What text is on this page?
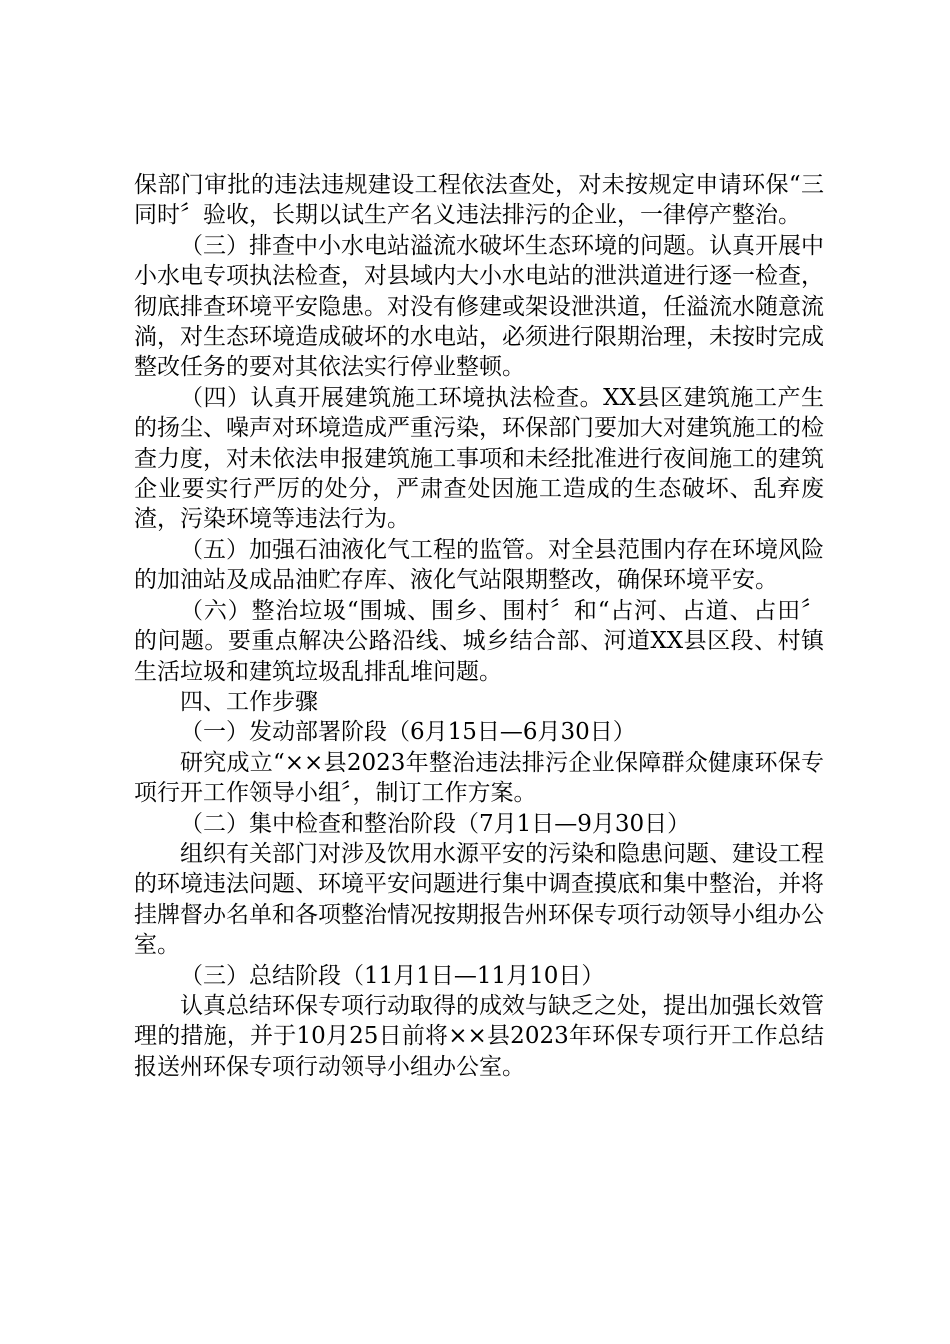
保部门审批的违法违规建设工程依法查处，对未按规定申请环保“三同时〞验收，长期以试生产名义违法排污的企业，一律停产整治。

（三）排查中小水电站溢流水破坏生态环境的问题。认真开展中小水电专项执法检查，对县域内大小水电站的泄洪道进行逐一检查，彻底排查环境平安隐患。对没有修建或架设泄洪道，任溢流水随意流淌，对生态环境造成破坏的水电站，必须进行限期治理，未按时完成整改任务的要对其依法实行停业整顿。

（四）认真开展建筑施工环境执法检查。XX县区建筑施工产生的扬尘、噪声对环境造成严重污染，环保部门要加大对建筑施工的检查力度，对未依法申报建筑施工事项和未经批准进行夜间施工的建筑企业要实行严厉的处分，严肃查处因施工造成的生态破坏、乱弃废渣，污染环境等违法行为。

（五）加强石油液化气工程的监管。对全县范围内存在环境风险的加油站及成品油贮存库、液化气站限期整改，确保环境平安。

（六）整治垃圾“围城、围乡、围村〞和“占河、占道、占田〞的问题。要重点解决公路沿线、城乡结合部、河道XX县区段、村镇生活垃圾和建筑垃圾乱排乱堆问题。

四、工作步骤

（一）发动部署阶段（6月15日—6月30日）

研究成立“××县2023年整治违法排污企业保障群众健康环保专项行开工作领导小组〞，制订工作方案。

（二）集中检查和整治阶段（7月1日—9月30日）

组织有关部门对涉及饮用水源平安的污染和隐患问题、建设工程的环境违法问题、环境平安问题进行集中调查摸底和集中整治，并将挂牌督办名单和各项整治情况按期报告州环保专项行动领导小组办公室。

（三）总结阶段（11月1日—11月10日）

认真总结环保专项行动取得的成效与缺乏之处，提出加强长效管理的措施，并于10月25日前将××县2023年环保专项行开工作总结报送州环保专项行动领导小组办公室。
